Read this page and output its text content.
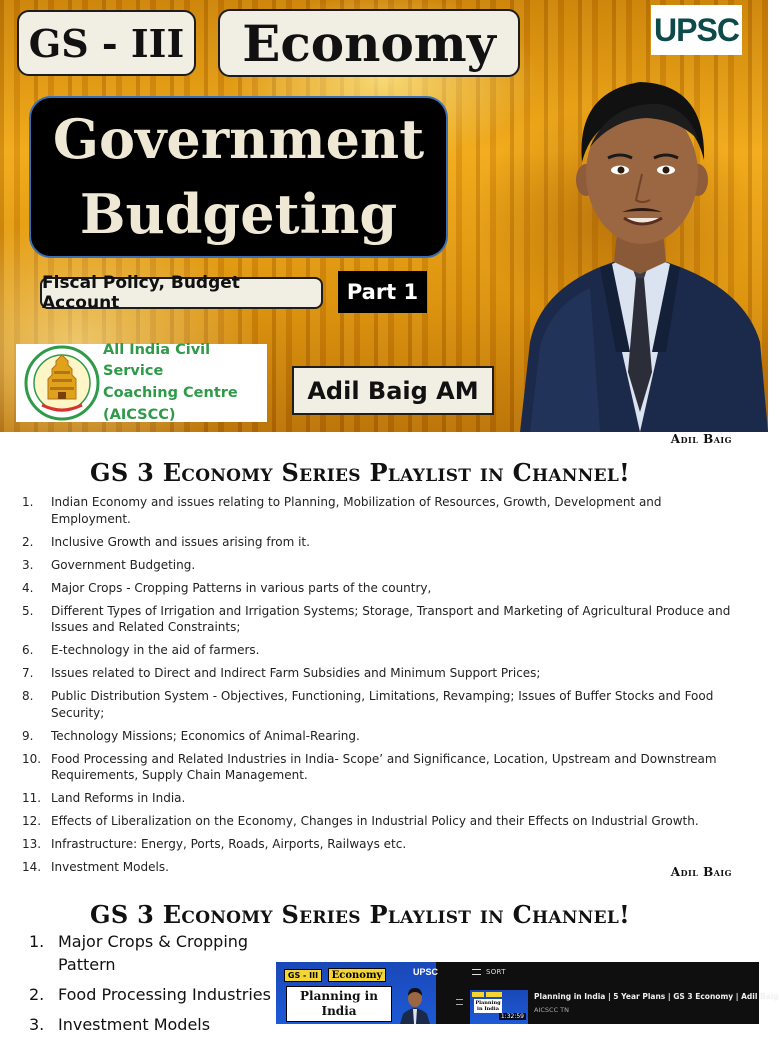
GS - III	Economy	UPSC
Government
Budgeting
Fiscal Policy, Budget Account	Part 1
All India Civil Service
Coaching Centre
(AICSCC)
Adil Baig AM
Adil Baig
GS 3 Economy Series Playlist in Channel!
1.	Indian Economy and issues relating to Planning, Mobilization of Resources, Growth, Development and Employment.
2.	Inclusive Growth and issues arising from it.
3.	Government Budgeting.
4.	Major Crops - Cropping Patterns in various parts of the country,
5.	Different Types of Irrigation and Irrigation Systems; Storage, Transport and Marketing of Agricultural Produce and Issues and Related Constraints;
6.	E-technology in the aid of farmers.
7.	Issues related to Direct and Indirect Farm Subsidies and Minimum Support Prices;
8.	Public Distribution System - Objectives, Functioning, Limitations, Revamping; Issues of Buffer Stocks and Food Security;
9.	Technology Missions; Economics of Animal-Rearing.
10. Food Processing and Related Industries in India- Scope’ and Significance, Location, Upstream and Downstream Requirements, Supply Chain Management.
11. Land Reforms in India.
12. Effects of Liberalization on the Economy, Changes in Industrial Policy and their Effects on Industrial Growth.
13. Infrastructure: Energy, Ports, Roads, Airports, Railways etc.
14. Investment Models.	Adil Baig
GS 3 Economy Series Playlist in Channel!
1. Major Crops & Cropping Pattern
2. Food Processing Industries
3. Investment Models
GS - III	Economy	UPSC
Planning in India
SORT
Planning in India
1:32:59
Planning in India | 5 Year Plans | GS 3 Economy | Adil Baig
AICSCC TN
